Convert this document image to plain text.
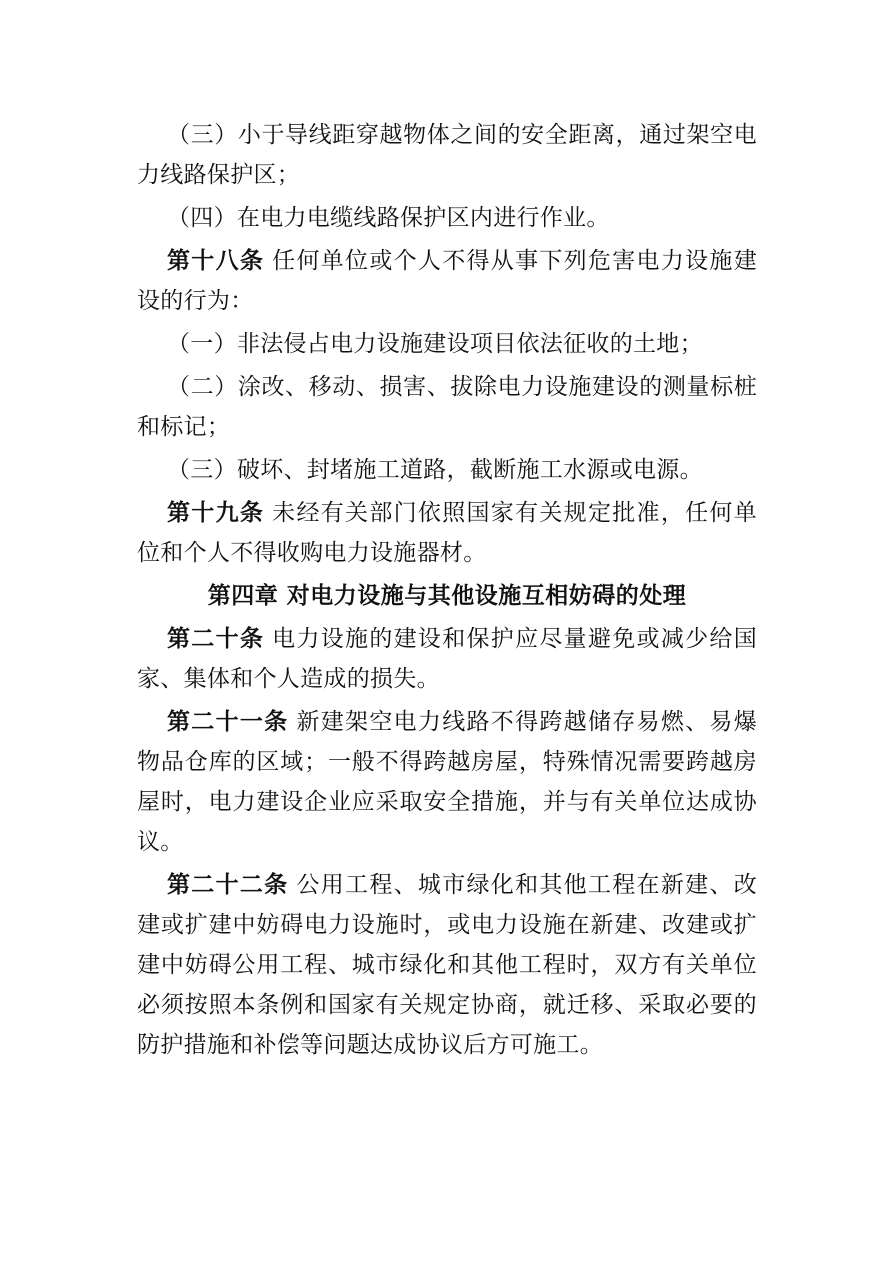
（三）小于导线距穿越物体之间的安全距离，通过架空电力线路保护区；

（四）在电力电缆线路保护区内进行作业。

第十八条 任何单位或个人不得从事下列危害电力设施建设的行为：

（一）非法侵占电力设施建设项目依法征收的土地；

（二）涂改、移动、损害、拔除电力设施建设的测量标桩和标记；

（三）破坏、封堵施工道路，截断施工水源或电源。

第十九条 未经有关部门依照国家有关规定批准，任何单位和个人不得收购电力设施器材。

第四章 对电力设施与其他设施互相妨碍的处理

第二十条 电力设施的建设和保护应尽量避免或减少给国家、集体和个人造成的损失。

第二十一条 新建架空电力线路不得跨越储存易燃、易爆物品仓库的区域；一般不得跨越房屋，特殊情况需要跨越房屋时，电力建设企业应采取安全措施，并与有关单位达成协议。

第二十二条 公用工程、城市绿化和其他工程在新建、改建或扩建中妨碍电力设施时，或电力设施在新建、改建或扩建中妨碍公用工程、城市绿化和其他工程时，双方有关单位必须按照本条例和国家有关规定协商，就迁移、采取必要的防护措施和补偿等问题达成协议后方可施工。
